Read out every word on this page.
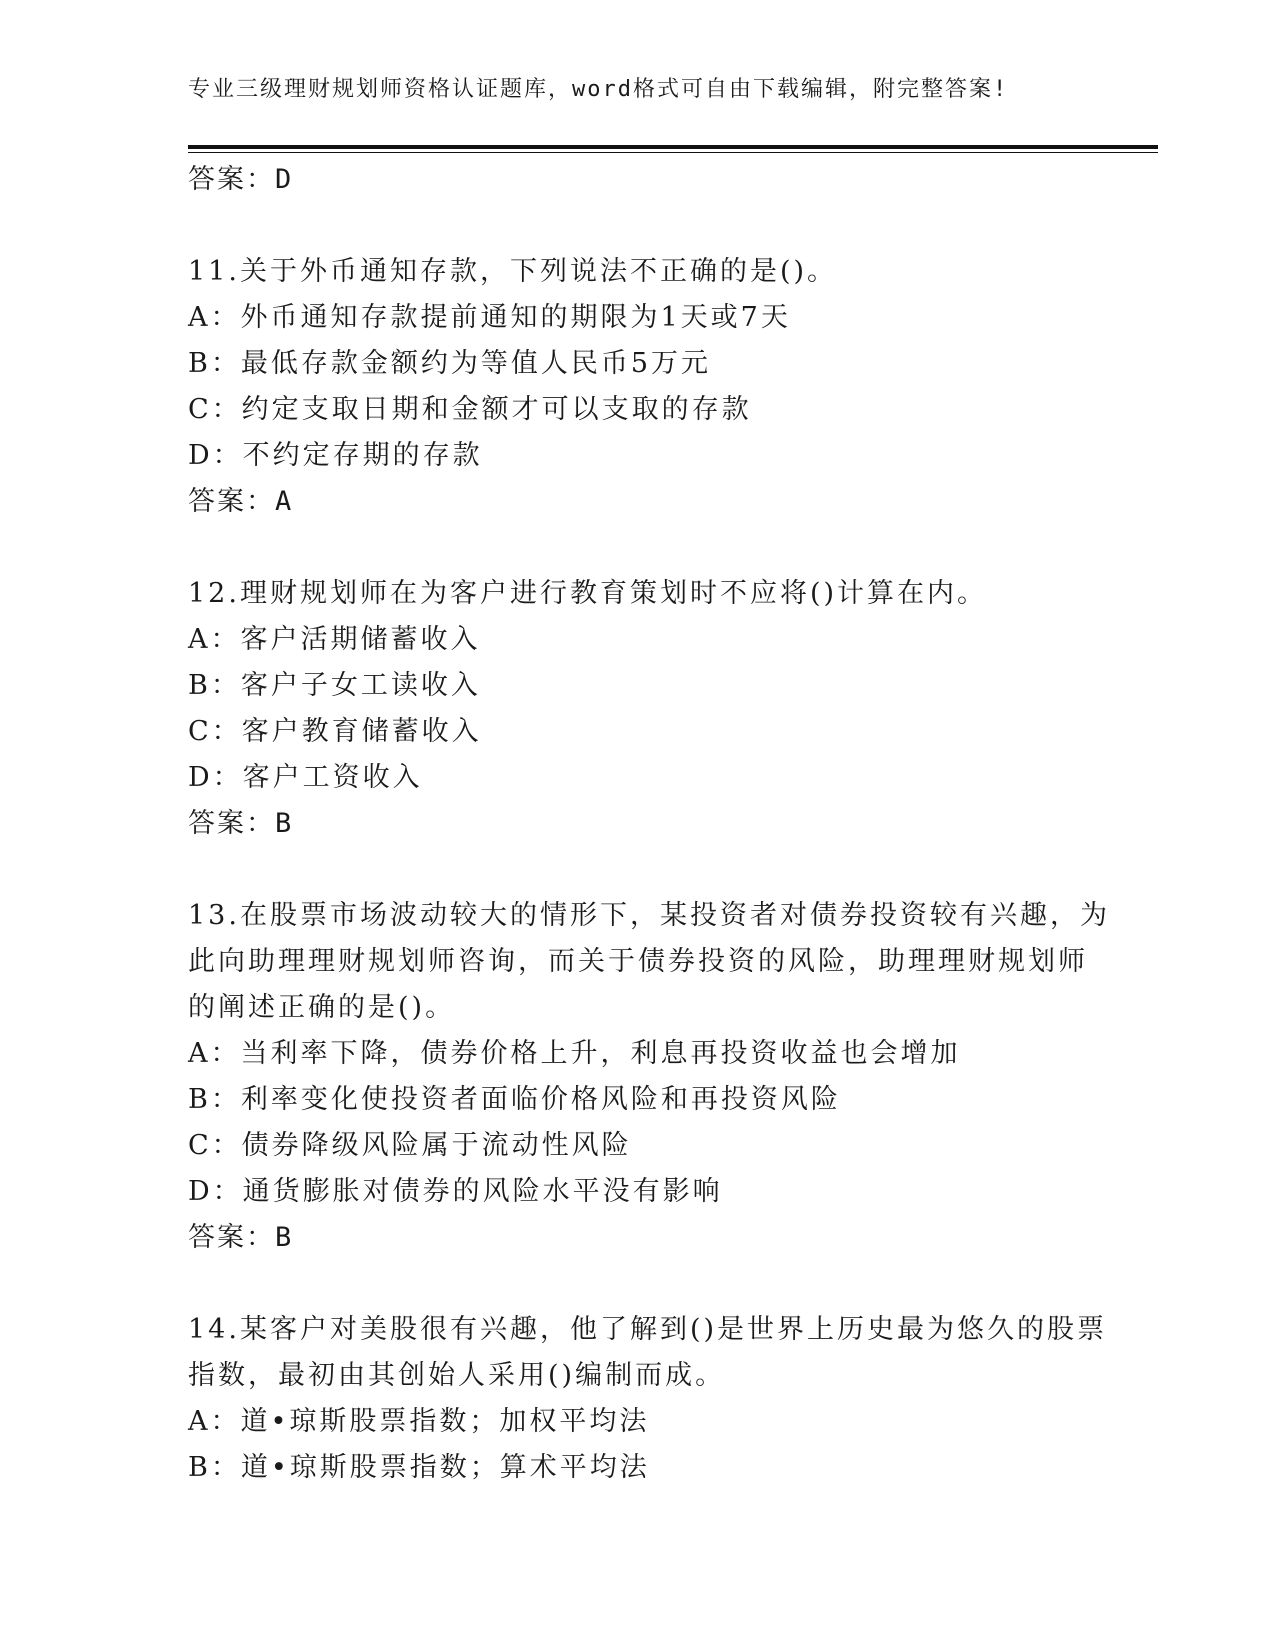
专业三级理财规划师资格认证题库，word格式可自由下载编辑，附完整答案!
答案：D
11.关于外币通知存款，下列说法不正确的是()。
A：外币通知存款提前通知的期限为1天或7天
B：最低存款金额约为等值人民币5万元
C：约定支取日期和金额才可以支取的存款
D：不约定存期的存款
答案：A
12.理财规划师在为客户进行教育策划时不应将()计算在内。
A：客户活期储蓄收入
B：客户子女工读收入
C：客户教育储蓄收入
D：客户工资收入
答案：B
13.在股票市场波动较大的情形下，某投资者对债券投资较有兴趣，为
此向助理理财规划师咨询，而关于债券投资的风险，助理理财规划师
的阐述正确的是()。
A：当利率下降，债券价格上升，利息再投资收益也会增加
B：利率变化使投资者面临价格风险和再投资风险
C：债券降级风险属于流动性风险
D：通货膨胀对债券的风险水平没有影响
答案：B
14.某客户对美股很有兴趣，他了解到()是世界上历史最为悠久的股票
指数，最初由其创始人采用()编制而成。
A：道•琼斯股票指数；加权平均法
B：道•琼斯股票指数；算术平均法
